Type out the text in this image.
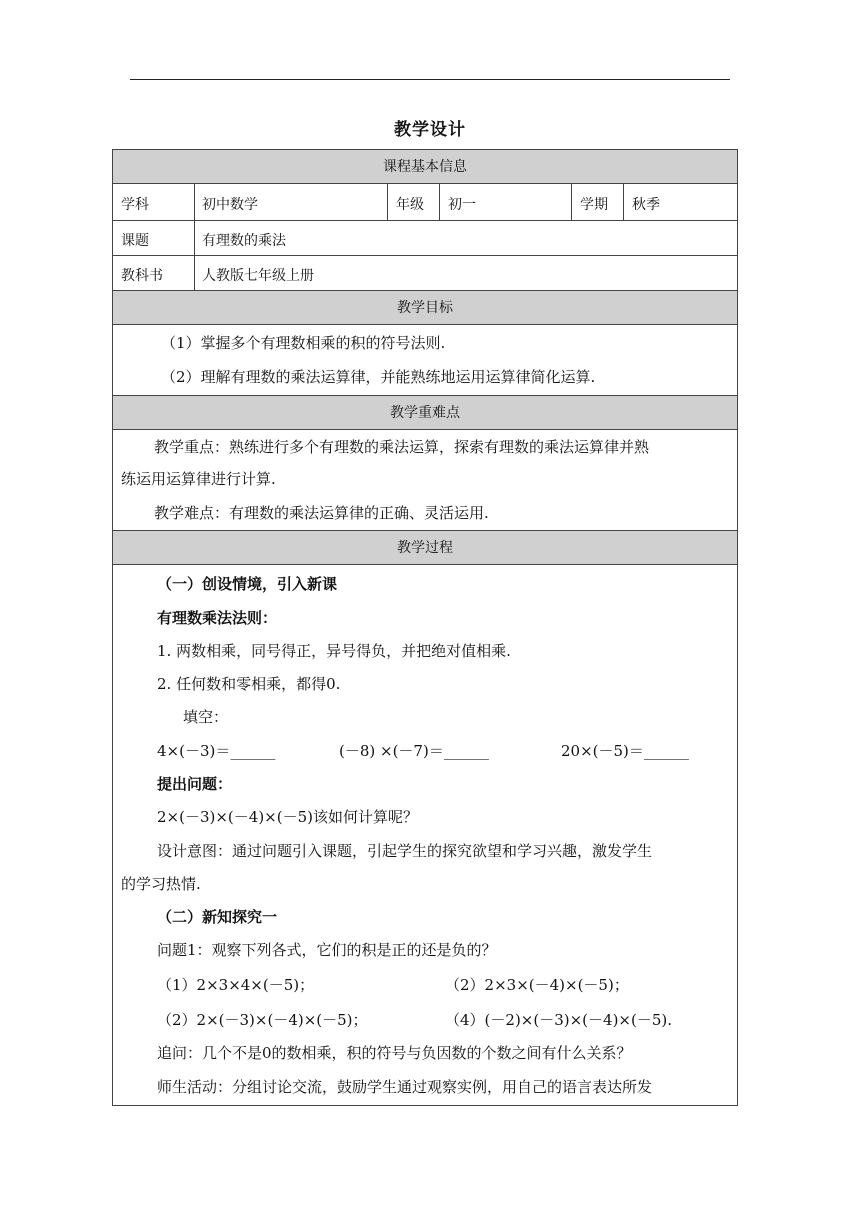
教学设计
课程基本信息
学科	初中数学	年级 初一	学期 秋季
课题	有理数的乘法
教科书	人教版七年级上册
教学目标
（1）掌握多个有理数相乘的积的符号法则.
（2）理解有理数的乘法运算律，并能熟练地运用运算律简化运算.
教学重难点
教学重点：熟练进行多个有理数的乘法运算，探索有理数的乘法运算律并熟
练运用运算律进行计算.
教学难点：有理数的乘法运算律的正确、灵活运用.
教学过程
（一）创设情境，引入新课
有理数乘法法则：
1. 两数相乘，同号得正，异号得负，并把绝对值相乘.
2. 任何数和零相乘，都得0.
填空：
4×(－3)＝______	(－8) ×(－7)＝______	20×(－5)＝______
提出问题：
2×(－3)×(－4)×(－5)该如何计算呢？
设计意图：通过问题引入课题，引起学生的探究欲望和学习兴趣，激发学生
的学习热情.
（二）新知探究一
问题1：观察下列各式，它们的积是正的还是负的？
（1）2×3×4×(－5)；	（2）2×3×(－4)×(－5)；
（2）2×(－3)×(－4)×(－5)；	（4）(－2)×(－3)×(－4)×(－5).
追问：几个不是0的数相乘，积的符号与负因数的个数之间有什么关系？
师生活动：分组讨论交流，鼓励学生通过观察实例，用自己的语言表达所发
